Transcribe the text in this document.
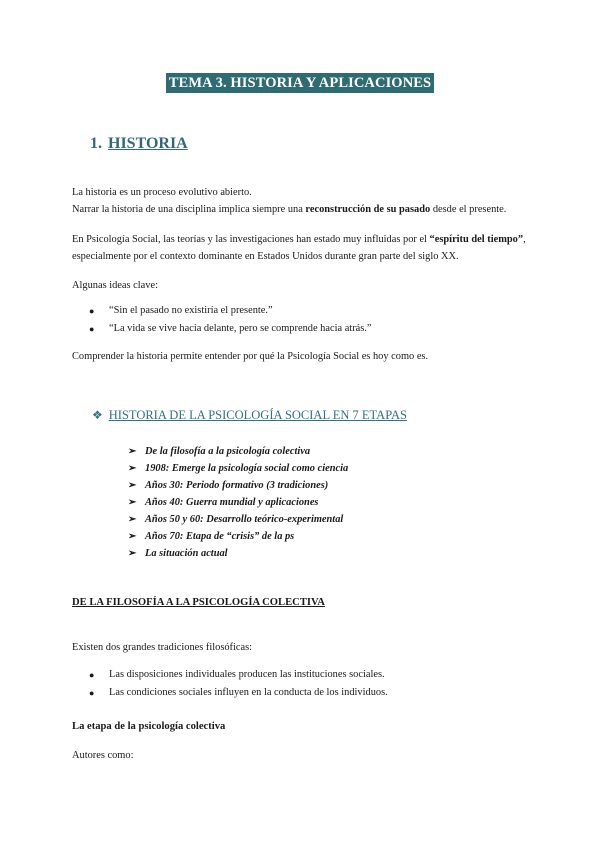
TEMA 3. HISTORIA Y APLICACIONES
1. HISTORIA
La historia es un proceso evolutivo abierto.
Narrar la historia de una disciplina implica siempre una reconstrucción de su pasado desde el presente.
En Psicología Social, las teorías y las investigaciones han estado muy influidas por el “espíritu del tiempo”, especialmente por el contexto dominante en Estados Unidos durante gran parte del siglo XX.
Algunas ideas clave:
● “Sin el pasado no existiría el presente.”
● “La vida se vive hacia delante, pero se comprende hacia atrás.”
Comprender la historia permite entender por qué la Psicología Social es hoy como es.
❖ HISTORIA DE LA PSICOLOGÍA SOCIAL EN 7 ETAPAS
➢ De la filosofía a la psicología colectiva
➢ 1908: Emerge la psicología social como ciencia
➢ Años 30: Periodo formativo (3 tradiciones)
➢ Años 40: Guerra mundial y aplicaciones
➢ Años 50 y 60: Desarrollo teórico-experimental
➢ Años 70: Etapa de “crisis” de la ps
➢ La situación actual
DE LA FILOSOFÍA A LA PSICOLOGÍA COLECTIVA
Existen dos grandes tradiciones filosóficas:
● Las disposiciones individuales producen las instituciones sociales.
● Las condiciones sociales influyen en la conducta de los individuos.
La etapa de la psicología colectiva
Autores como:
